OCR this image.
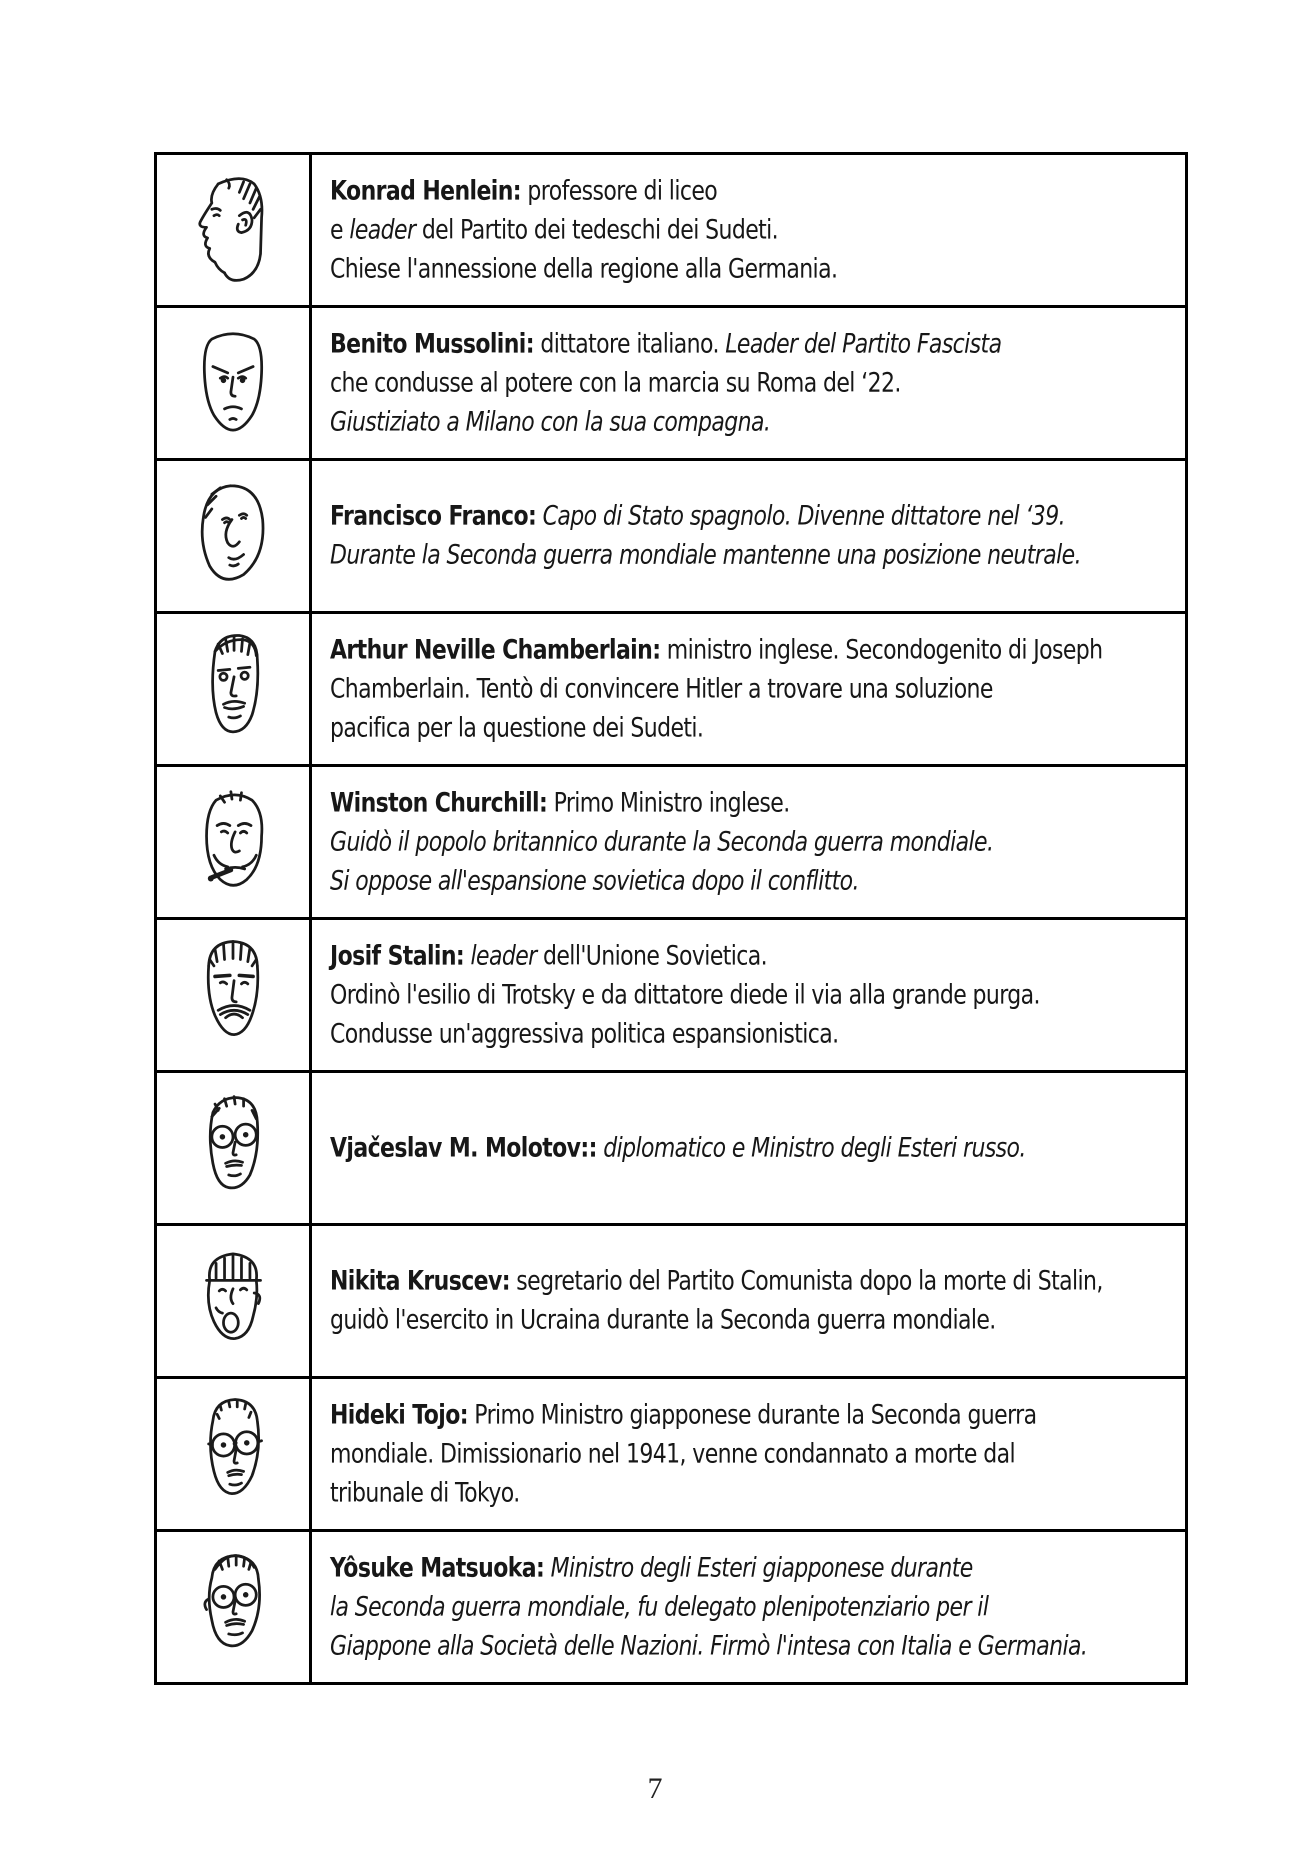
Konrad Henlein: professore di liceo
e leader del Partito dei tedeschi dei Sudeti.
Chiese l'annessione della regione alla Germania.
Benito Mussolini: dittatore italiano. Leader del Partito Fascista
che condusse al potere con la marcia su Roma del ‘22.
Giustiziato a Milano con la sua compagna.
Francisco Franco: Capo di Stato spagnolo. Divenne dittatore nel ‘39.
Durante la Seconda guerra mondiale mantenne una posizione neutrale.
Arthur Neville Chamberlain: ministro inglese. Secondogenito di Joseph
Chamberlain. Tentò di convincere Hitler a trovare una soluzione
pacifica per la questione dei Sudeti.
Winston Churchill: Primo Ministro inglese.
Guidò il popolo britannico durante la Seconda guerra mondiale.
Si oppose all'espansione sovietica dopo il conflitto.
Josif Stalin: leader dell'Unione Sovietica.
Ordinò l'esilio di Trotsky e da dittatore diede il via alla grande purga.
Condusse un'aggressiva politica espansionistica.
Vjačeslav M. Molotov:: diplomatico e Ministro degli Esteri russo.
Nikita Kruscev: segretario del Partito Comunista dopo la morte di Stalin,
guidò l'esercito in Ucraina durante la Seconda guerra mondiale.
Hideki Tojo: Primo Ministro giapponese durante la Seconda guerra
mondiale. Dimissionario nel 1941, venne condannato a morte dal
tribunale di Tokyo.
Yôsuke Matsuoka: Ministro degli Esteri giapponese durante
la Seconda guerra mondiale, fu delegato plenipotenziario per il
Giappone alla Società delle Nazioni. Firmò l'intesa con Italia e Germania.
7
